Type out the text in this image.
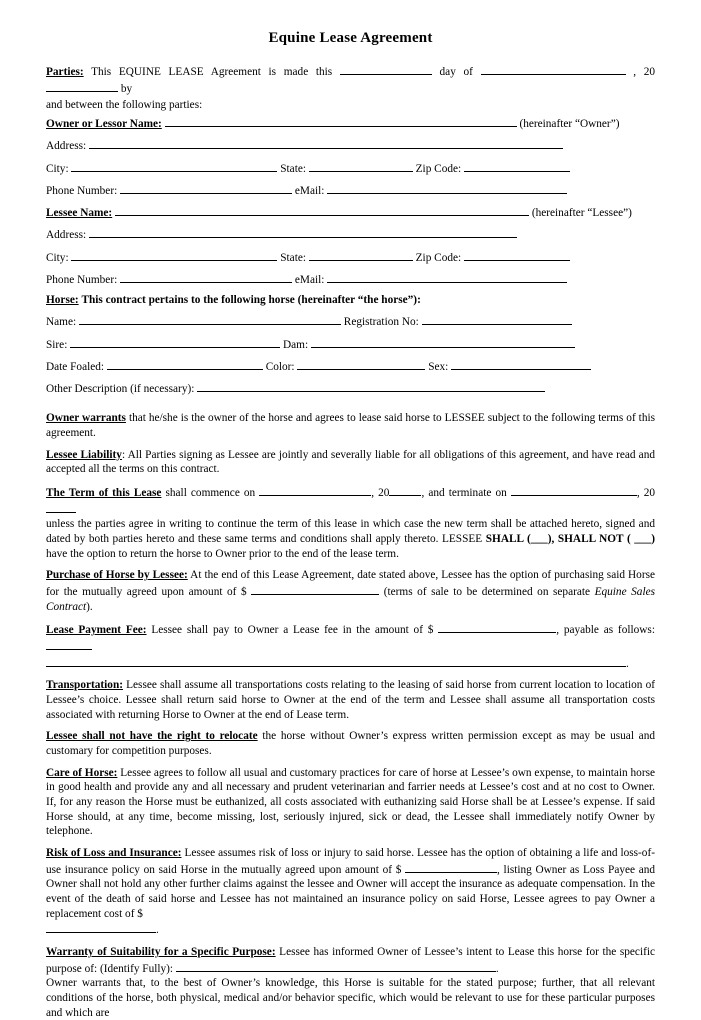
Equine Lease Agreement
Parties: This EQUINE LEASE Agreement is made this	day of	, 20  by
and between the following parties:
Owner or Lessor Name:	(hereinafter “Owner”)
Address:
City:	State:	Zip Code:
Phone Number:	eMail:
Lessee Name:	(hereinafter “Lessee”)
Address:
City:	State:	Zip Code:
Phone Number:	eMail:
Horse: This contract pertains to the following horse (hereinafter “the horse”):
Name:	Registration No:
Sire:	Dam:
Date Foaled:	Color:	Sex:
Other Description (if necessary):
Owner warrants that he/she is the owner of the horse and agrees to lease said horse to LESSEE subject to the following terms of this agreement.
Lessee Liability: All Parties signing as Lessee are jointly and severally liable for all obligations of this agreement, and have read and accepted all the terms on this contract.
The Term of this Lease shall commence on	, 20	, and terminate on	, 20
unless the parties agree in writing to continue the term of this lease in which case the new term shall be attached hereto, signed and dated by both parties hereto and these same terms and conditions shall apply thereto. LESSEE SHALL (___), SHALL NOT ( ___) have the option to return the horse to Owner prior to the end of the lease term.
Purchase of Horse by Lessee: At the end of this Lease Agreement, date stated above, Lessee has the option of purchasing said Horse for the mutually agreed upon amount of $	(terms of sale to be determined on separate Equine Sales Contract).
Lease Payment Fee: Lessee shall pay to Owner a Lease fee in the amount of $	, payable as follows:
.
Transportation: Lessee shall assume all transportations costs relating to the leasing of said horse from current location to location of Lessee’s choice. Lessee shall return said horse to Owner at the end of the term and Lessee shall assume all transportation costs associated with returning Horse to Owner at the end of Lease term.
Lessee shall not have the right to relocate the horse without Owner’s express written permission except as may be usual and customary for competition purposes.
Care of Horse: Lessee agrees to follow all usual and customary practices for care of horse at Lessee’s own expense, to maintain horse in good health and provide any and all necessary and prudent veterinarian and farrier needs at Lessee’s cost and at no cost to Owner. If, for any reason the Horse must be euthanized, all costs associated with euthanizing said Horse shall be at Lessee’s expense. If said Horse should, at any time, become missing, lost, seriously injured, sick or dead, the Lessee shall immediately notify Owner by telephone.
Risk of Loss and Insurance: Lessee assumes risk of loss or injury to said horse. Lessee has the option of obtaining a life and loss-of-use insurance policy on said Horse in the mutually agreed upon amount of $	, listing Owner as Loss Payee and Owner shall not hold any other further claims against the lessee and Owner will accept the insurance as adequate compensation. In the event of the death of said horse and Lessee has not maintained an insurance policy on said Horse, Lessee agrees to pay Owner a replacement cost of $
.
Warranty of Suitability for a Specific Purpose: Lessee has informed Owner of Lessee’s intent to Lease this horse for the specific purpose of: (Identify Fully):	.
Owner warrants that, to the best of Owner’s knowledge, this Horse is suitable for the stated purpose; further, that all relevant conditions of the horse, both physical, medical and/or behavior specific, which would be relevant to use for these particular purposes and which are
